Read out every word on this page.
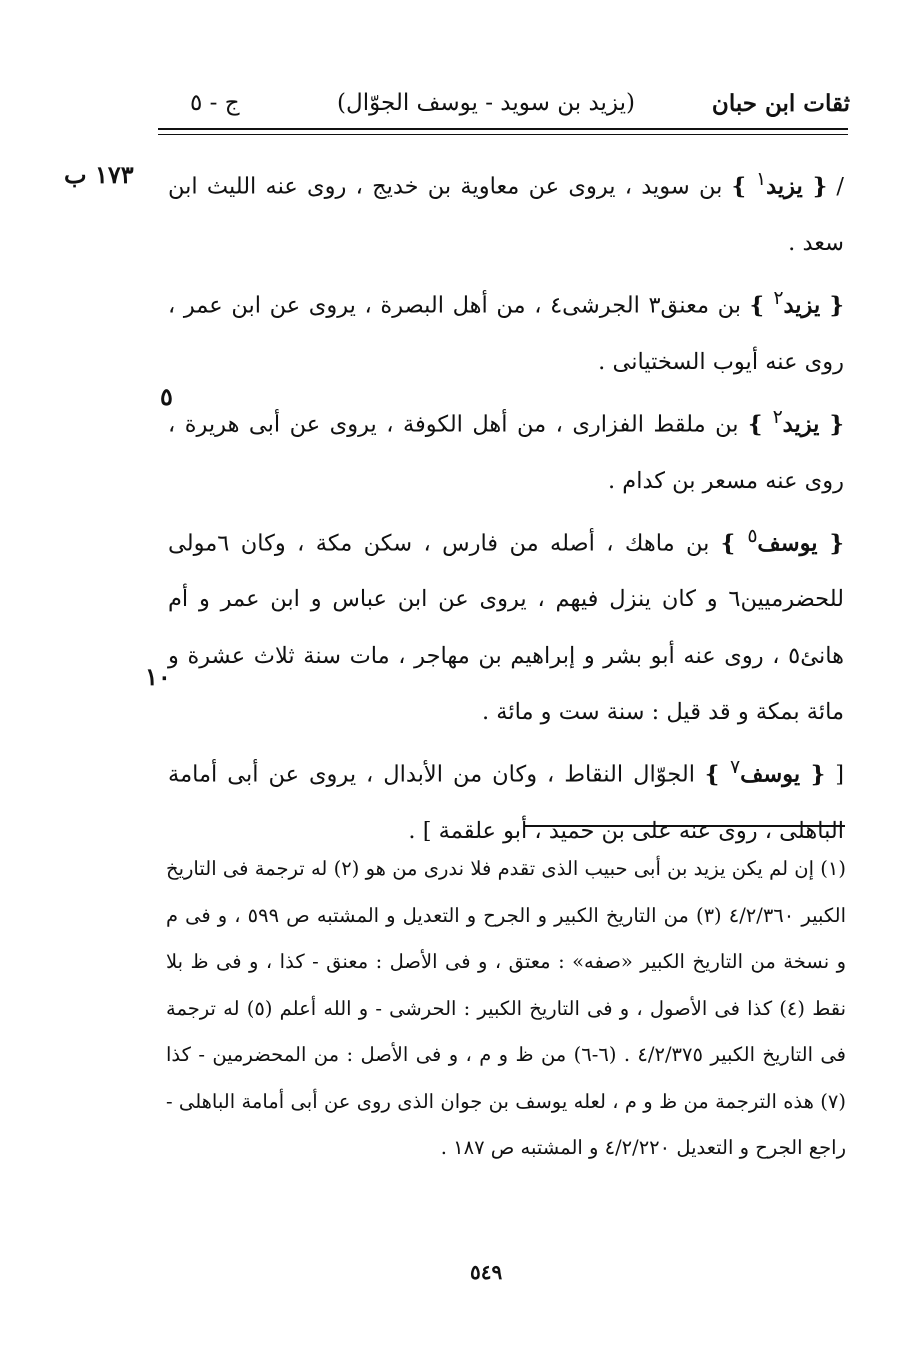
ثقات ابن حبان
(يزيد بن سويد - يوسف الجوّال)
ج - ٥
١٧٣ ب
٥
١٠

/ { يزيد$^١$ } بن سويد ، يروى عن معاوية بن خديج ، روى عنه الليث ابن سعد .

{ يزيد$^٢$ } بن معنق٣ الجرشى٤ ، من أهل البصرة ، يروى عن ابن عمر ، روى عنه أيوب السختيانى .

{ يزيد$^٢$ } بن ملقط الفزارى ، من أهل الكوفة ، يروى عن أبى هريرة ، روى عنه مسعر بن كدام .

{ يوسف$^٥$ } بن ماهك ، أصله من فارس ، سكن مكة ، وكان ٦مولى للحضرميين٦ و كان ينزل فيهم ، يروى عن ابن عباس و ابن عمر و أم هانئ٥ ، روى عنه أبو بشر و إبراهيم بن مهاجر ، مات سنة ثلاث عشرة و مائة بمكة و قد قيل : سنة ست و مائة .

[ { يوسف$^٧$ } الجوّال النقاط ، وكان من الأبدال ، يروى عن أبى أمامة الباهلى ، روى عنه على بن حميد ، أبو علقمة ] .

(١) إن لم يكن يزيد بن أبى حبيب الذى تقدم فلا ندرى من هو (٢) له ترجمة فى التاريخ الكبير ٤/٢/٣٦٠ (٣) من التاريخ الكبير و الجرح و التعديل و المشتبه ص ٥٩٩ ، و فى م و نسخة من التاريخ الكبير «صفه» : معتق ، و فى الأصل : معنق - كذا ، و فى ظ بلا نقط (٤) كذا فى الأصول ، و فى التاريخ الكبير : الحرشى - و الله أعلم (٥) له ترجمة فى التاريخ الكبير ٤/٢/٣٧٥ . (٦-٦) من ظ و م ، و فى الأصل : من المحضرمين - كذا (٧) هذه الترجمة من ظ و م ، لعله يوسف بن جوان الذى روى عن أبى أمامة الباهلى - راجع الجرح و التعديل ٤/٢/٢٢٠ و المشتبه ص ١٨٧ .

٥٤٩
